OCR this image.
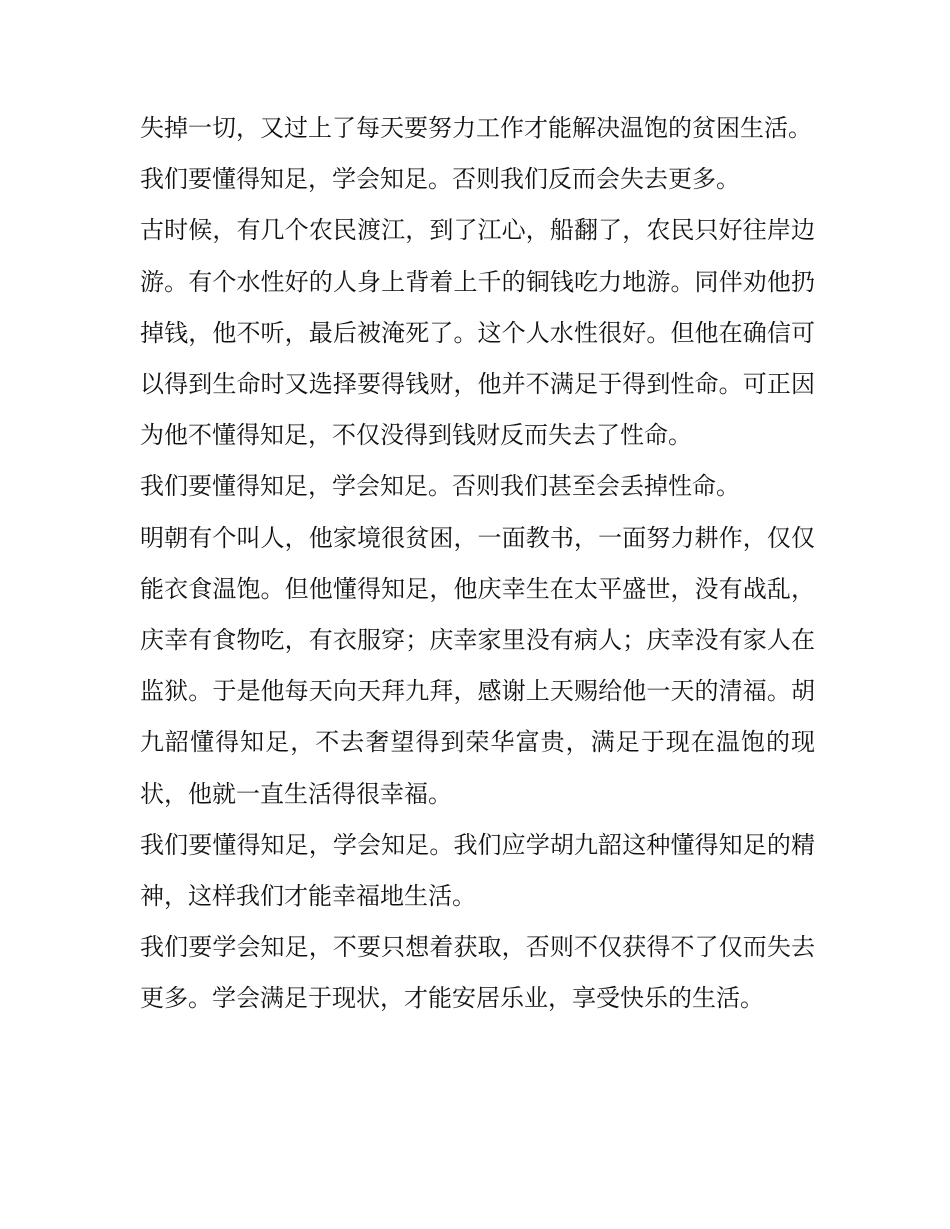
失掉一切，又过上了每天要努力工作才能解决温饱的贫困生活。

我们要懂得知足，学会知足。否则我们反而会失去更多。

古时候，有几个农民渡江，到了江心，船翻了，农民只好往岸边游。有个水性好的人身上背着上千的铜钱吃力地游。同伴劝他扔掉钱，他不听，最后被淹死了。这个人水性很好。但他在确信可以得到生命时又选择要得钱财，他并不满足于得到性命。可正因为他不懂得知足，不仅没得到钱财反而失去了性命。

我们要懂得知足，学会知足。否则我们甚至会丢掉性命。

明朝有个叫人，他家境很贫困，一面教书，一面努力耕作，仅仅能衣食温饱。但他懂得知足，他庆幸生在太平盛世，没有战乱，庆幸有食物吃，有衣服穿；庆幸家里没有病人；庆幸没有家人在监狱。于是他每天向天拜九拜，感谢上天赐给他一天的清福。胡九韶懂得知足，不去奢望得到荣华富贵，满足于现在温饱的现状，他就一直生活得很幸福。

我们要懂得知足，学会知足。我们应学胡九韶这种懂得知足的精神，这样我们才能幸福地生活。

我们要学会知足，不要只想着获取，否则不仅获得不了仅而失去更多。学会满足于现状，才能安居乐业，享受快乐的生活。
